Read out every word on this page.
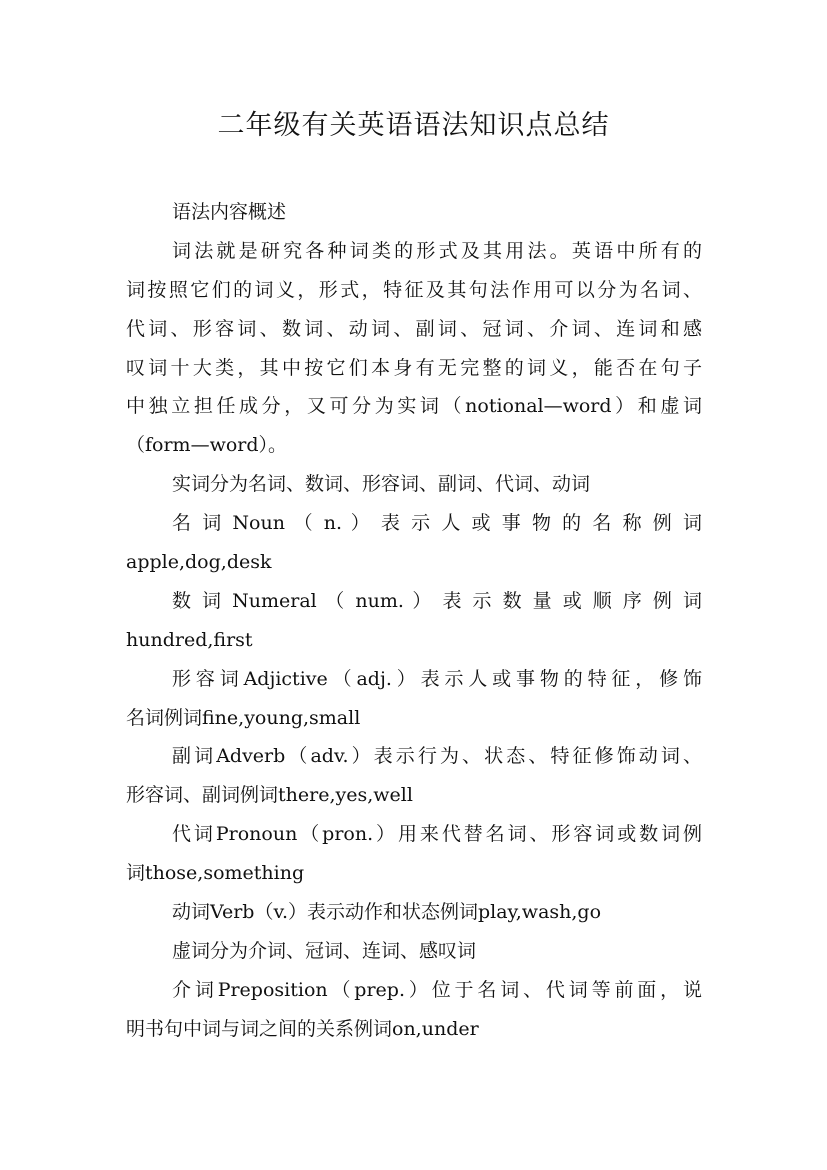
二年级有关英语语法知识点总结
语法内容概述
词法就是研究各种词类的形式及其用法。英语中所有的
词按照它们的词义，形式，特征及其句法作用可以分为名词、
代词、形容词、数词、动词、副词、冠词、介词、连词和感
叹词十大类，其中按它们本身有无完整的词义，能否在句子
中独立担任成分，又可分为实词（notional—word）和虚词
（form—word）。
实词分为名词、数词、形容词、副词、代词、动词
名 词 Noun （ n. ） 表 示 人 或 事 物 的 名 称 例 词
apple,dog,desk
数 词 Numeral （ num. ） 表 示 数 量 或 顺 序 例 词
hundred,first
形容词Adjictive（adj.）表示人或事物的特征，修饰
名词例词fine,young,small
副词Adverb（adv.）表示行为、状态、特征修饰动词、
形容词、副词例词there,yes,well
代词Pronoun（pron.）用来代替名词、形容词或数词例
词those,something
动词Verb（v.）表示动作和状态例词play,wash,go
虚词分为介词、冠词、连词、感叹词
介词Preposition（prep.）位于名词、代词等前面，说
明书句中词与词之间的关系例词on,under
